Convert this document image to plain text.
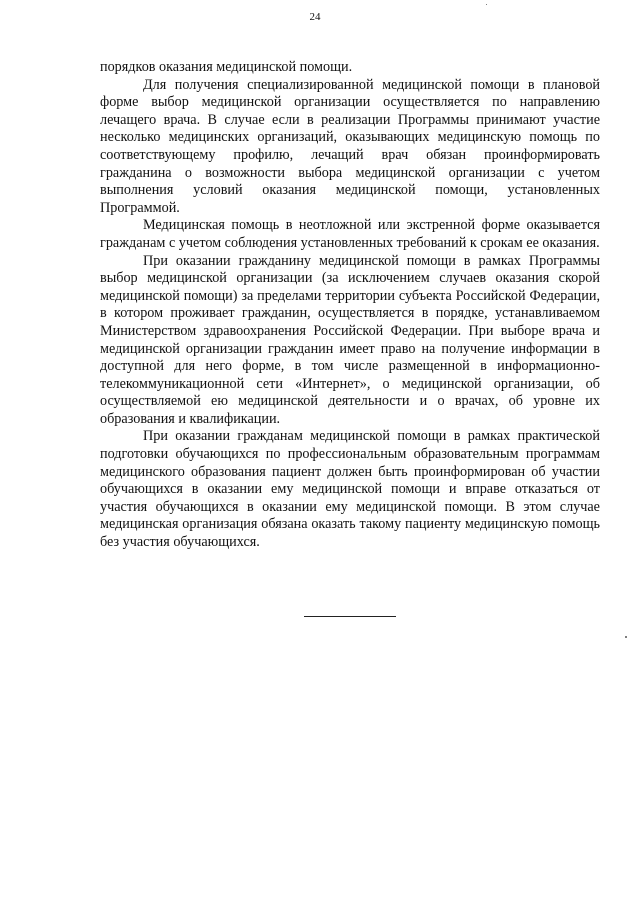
24

порядков оказания медицинской помощи.

Для получения специализированной медицинской помощи в плановой форме выбор медицинской организации осуществляется по направлению лечащего врача. В случае если в реализации Программы принимают участие несколько медицинских организаций, оказывающих медицинскую помощь по соответствующему профилю, лечащий врач обязан проинформировать гражданина о возможности выбора медицинской организации с учетом выполнения условий оказания медицинской помощи, установленных Программой.

Медицинская помощь в неотложной или экстренной форме оказывается гражданам с учетом соблюдения установленных требований к срокам ее оказания.

При оказании гражданину медицинской помощи в рамках Программы выбор медицинской организации (за исключением случаев оказания скорой медицинской помощи) за пределами территории субъекта Российской Федерации, в котором проживает гражданин, осуществляется в порядке, устанавливаемом Министерством здравоохранения Российской Федерации. При выборе врача и медицинской организации гражданин имеет право на получение информации в доступной для него форме, в том числе размещенной в информационно-телекоммуникационной сети «Интернет», о медицинской организации, об осуществляемой ею медицинской деятельности и о врачах, об уровне их образования и квалификации.

При оказании гражданам медицинской помощи в рамках практической подготовки обучающихся по профессиональным образовательным программам медицинского образования пациент должен быть проинформирован об участии обучающихся в оказании ему медицинской помощи и вправе отказаться от участия обучающихся в оказании ему медицинской помощи. В этом случае медицинская организация обязана оказать такому пациенту медицинскую помощь без участия обучающихся.
